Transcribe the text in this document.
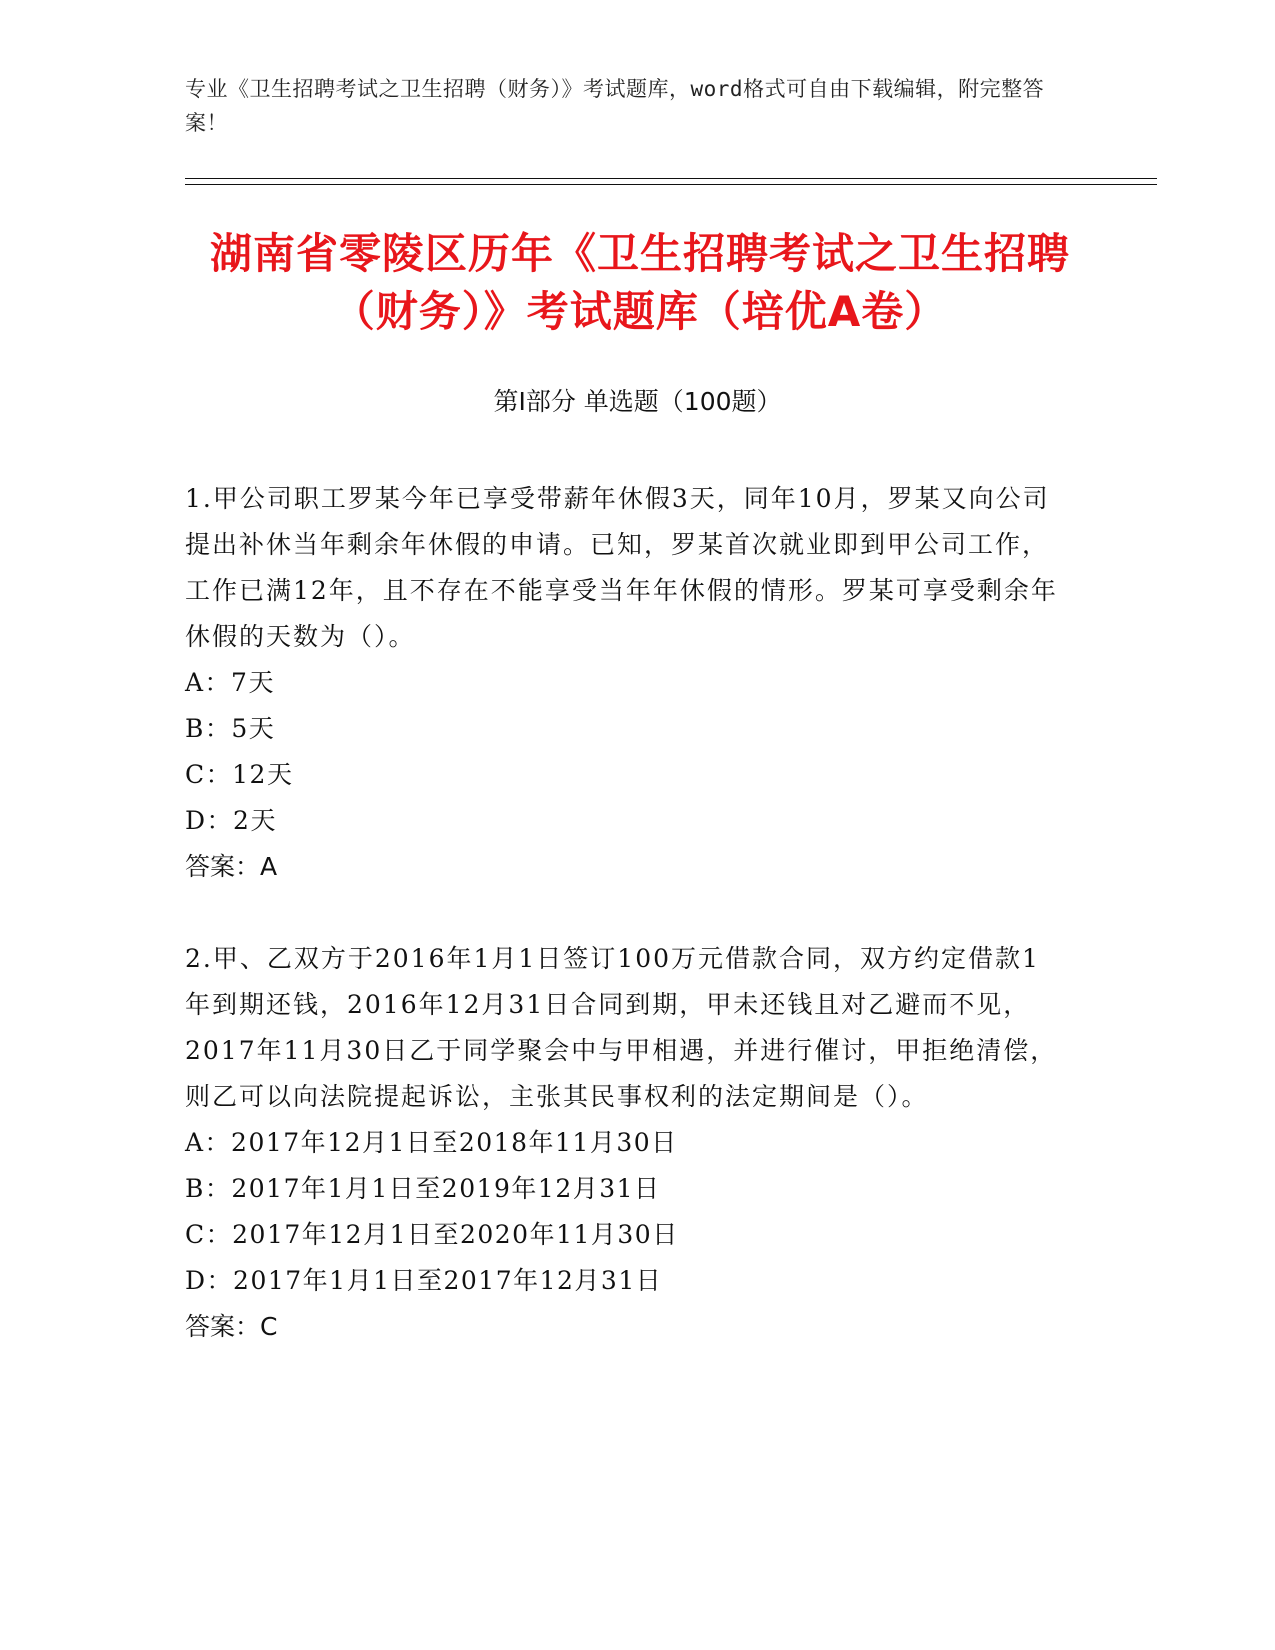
专业《卫生招聘考试之卫生招聘（财务）》考试题库，word格式可自由下载编辑，附完整答案！
湖南省零陵区历年《卫生招聘考试之卫生招聘（财务）》考试题库（培优A卷）
第I部分 单选题（100题）

1.甲公司职工罗某今年已享受带薪年休假3天，同年10月，罗某又向公司提出补休当年剩余年休假的申请。已知，罗某首次就业即到甲公司工作，工作已满12年，且不存在不能享受当年年休假的情形。罗某可享受剩余年休假的天数为（）。

A：7天

B：5天

C：12天

D：2天

答案：A

2.甲、乙双方于2016年1月1日签订100万元借款合同，双方约定借款1年到期还钱，2016年12月31日合同到期，甲未还钱且对乙避而不见，2017年11月30日乙于同学聚会中与甲相遇，并进行催讨，甲拒绝清偿，则乙可以向法院提起诉讼，主张其民事权利的法定期间是（）。

A：2017年12月1日至2018年11月30日

B：2017年1月1日至2019年12月31日

C：2017年12月1日至2020年11月30日

D：2017年1月1日至2017年12月31日

答案：C
